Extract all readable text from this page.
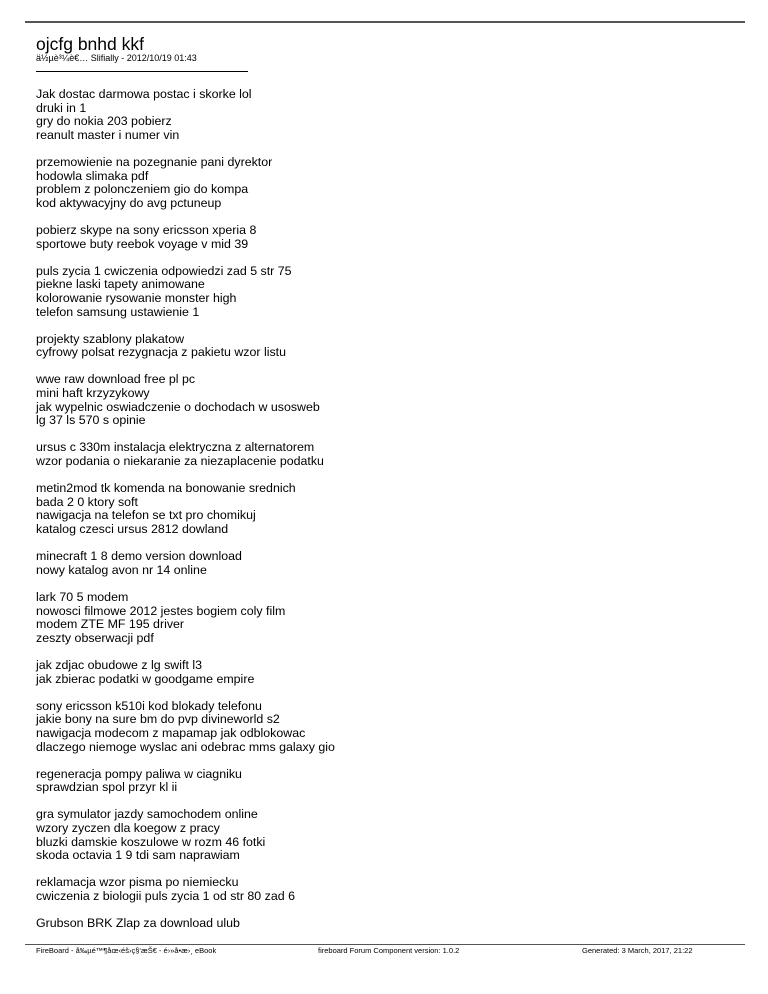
ojcfg bnhd kkf
ä½µè³¼è€… Slifially - 2012/10/19 01:43
Jak dostac darmowa postac i skorke lol
druki in 1
gry do nokia 203 pobierz
reanult master i numer vin
przemowienie na pozegnanie pani dyrektor
hodowla slimaka pdf
problem z polonczeniem gio do kompa
kod aktywacyjny do avg pctuneup
pobierz skype na sony ericsson xperia 8
sportowe buty reebok voyage v mid 39
puls zycia 1 cwiczenia odpowiedzi zad 5 str 75
piekne laski tapety animowane
kolorowanie rysowanie monster high
telefon samsung ustawienie 1
projekty szablony plakatow
cyfrowy polsat rezygnacja z pakietu wzor listu
wwe raw download free pl pc
mini haft krzyzykowy
jak wypelnic oswiadczenie o dochodach w usosweb
lg 37 ls 570 s opinie
ursus c 330m instalacja elektryczna z alternatorem
wzor podania o niekaranie za niezaplacenie podatku
metin2mod tk komenda na bonowanie srednich
bada 2 0 ktory soft
nawigacja na telefon se txt pro chomikuj
katalog czesci ursus 2812 dowland
minecraft 1 8 demo version download
nowy katalog avon nr 14 online
lark 70 5 modem
nowosci filmowe 2012 jestes bogiem coly film
modem ZTE MF 195 driver
zeszty obserwacji pdf
jak zdjac obudowe z lg swift l3
jak zbierac podatki w goodgame empire
sony ericsson k510i kod blokady telefonu
jakie bony na sure bm do pvp divineworld s2
nawigacja modecom z mapamap jak odblokowac
dlaczego niemoge wyslac ani odebrac mms galaxy gio
regeneracja pompy paliwa w ciagniku
sprawdzian spol przyr kl ii
gra symulator jazdy samochodem online
wzory zyczen dla koegow z pracy
bluzki damskie koszulowe w rozm 46 fotki
skoda octavia 1 9 tdi sam naprawiam
reklamacja wzor pisma po niemiecku
cwiczenia z biologii puls zycia 1 od str 80 zad 6
Grubson BRK Zlap za download ulub
FireBoard - å‰µé™¶åœ‹éš›ç§‘æŠ€ - é›»å•æ›¸ eBook	fireboard Forum Component version: 1.0.2	Generated: 3 March, 2017, 21:22
